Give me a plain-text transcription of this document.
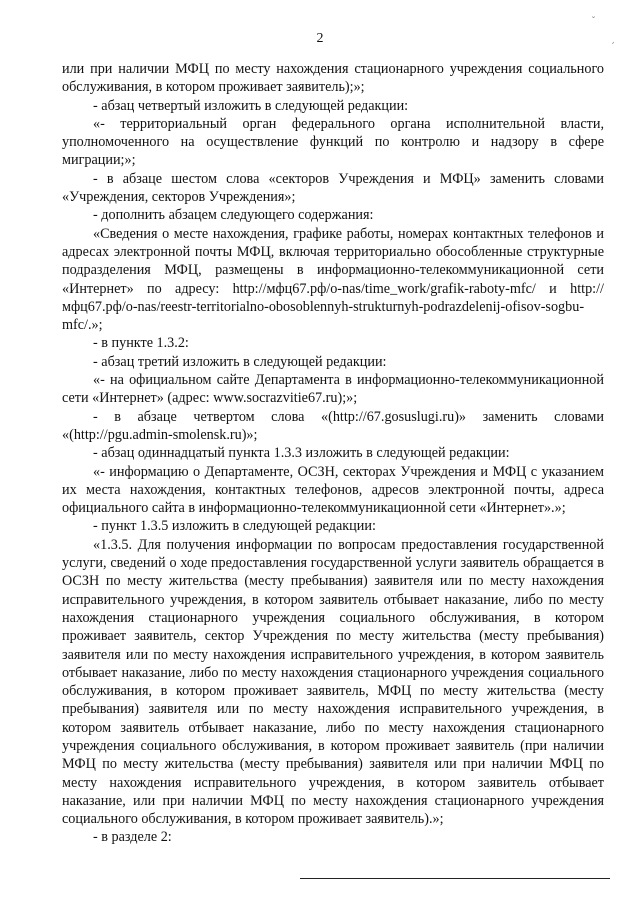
2

или при наличии МФЦ по месту нахождения стационарного учреждения социального обслуживания, в котором проживает заявитель);»;

- абзац четвертый изложить в следующей редакции:

«- территориальный орган федерального органа исполнительной власти, уполномоченного на осуществление функций по контролю и надзору в сфере миграции;»;

- в абзаце шестом слова «секторов Учреждения и МФЦ» заменить словами «Учреждения, секторов Учреждения»;

- дополнить абзацем следующего содержания:

«Сведения о месте нахождения, графике работы, номерах контактных телефонов и адресах электронной почты МФЦ, включая территориально обособленные структурные подразделения МФЦ, размещены в информационно-телекоммуникационной сети «Интернет» по адресу: http://мфц67.рф/о-nas/time_work/grafik-raboty-mfc/ и http://мфц67.рф/о-nas/reestr-territorialno-obosoblennyh-strukturnyh-podrazdelenij-ofisov-sogbu-mfc/.»;

- в пункте 1.3.2:

- абзац третий изложить в следующей редакции:

«- на официальном сайте Департамента в информационно-телекоммуникационной сети «Интернет» (адрес: www.socrazvitie67.ru);»;

- в абзаце четвертом слова «(http://67.gosuslugi.ru)» заменить словами «(http://pgu.admin-smolensk.ru)»;

- абзац одиннадцатый пункта 1.3.3 изложить в следующей редакции:

«- информацию о Департаменте, ОСЗН, секторах Учреждения и МФЦ с указанием их места нахождения, контактных телефонов, адресов электронной почты, адреса официального сайта в информационно-телекоммуникационной сети «Интернет».»;

- пункт 1.3.5 изложить в следующей редакции:

«1.3.5. Для получения информации по вопросам предоставления государственной услуги, сведений о ходе предоставления государственной услуги заявитель обращается в ОСЗН по месту жительства (месту пребывания) заявителя или по месту нахождения исправительного учреждения, в котором заявитель отбывает наказание, либо по месту нахождения стационарного учреждения социального обслуживания, в котором проживает заявитель, сектор Учреждения по месту жительства (месту пребывания) заявителя или по месту нахождения исправительного учреждения, в котором заявитель отбывает наказание, либо по месту нахождения стационарного учреждения социального обслуживания, в котором проживает заявитель, МФЦ по месту жительства (месту пребывания) заявителя или по месту нахождения исправительного учреждения, в котором заявитель отбывает наказание, либо по месту нахождения стационарного учреждения социального обслуживания, в котором проживает заявитель (при наличии МФЦ по месту жительства (месту пребывания) заявителя или при наличии МФЦ по месту нахождения исправительного учреждения, в котором заявитель отбывает наказание, или при наличии МФЦ по месту нахождения стационарного учреждения социального обслуживания, в котором проживает заявитель).»;

- в разделе 2:

˘
׳
